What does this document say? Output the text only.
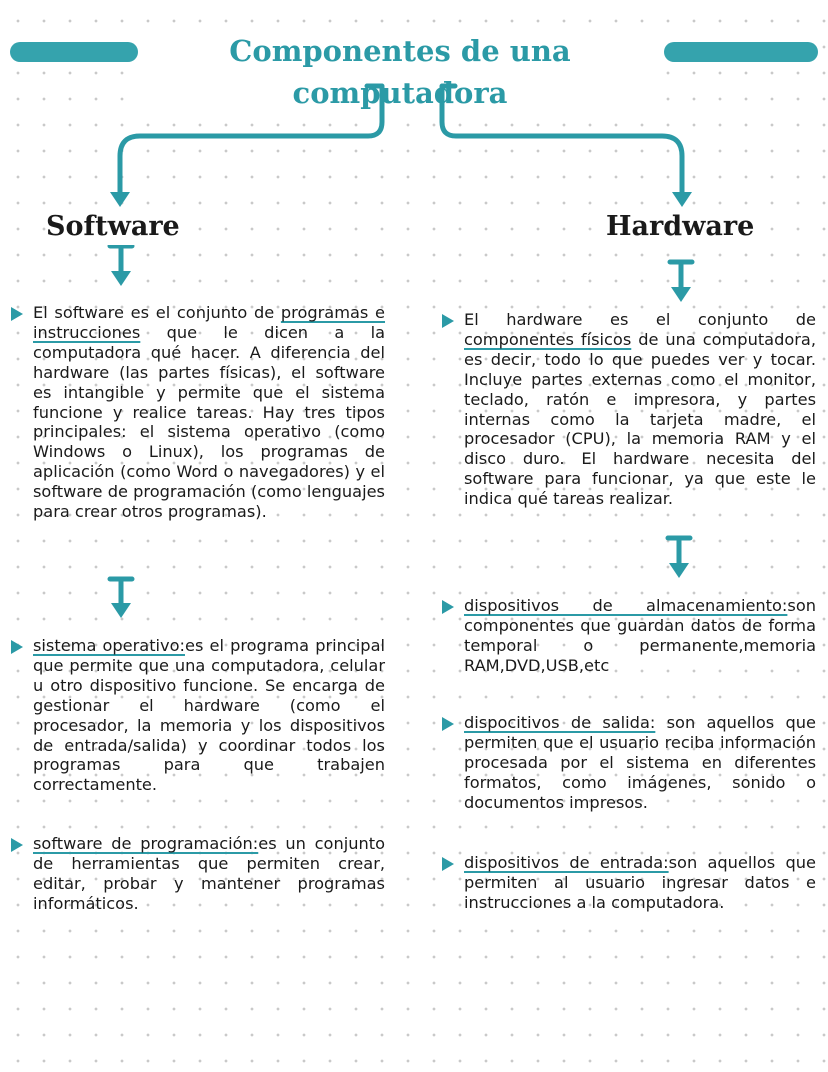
Componentes de una computadora
Software	Hardware

El software es el conjunto de programas e instrucciones que le dicen a la computadora qué hacer. A diferencia del hardware (las partes físicas), el software es intangible y permite que el sistema funcione y realice tareas. Hay tres tipos principales: el sistema operativo (como Windows o Linux), los programas de aplicación (como Word o navegadores) y el software de programación (como lenguajes para crear otros programas).

sistema operativo:es el programa principal que permite que una computadora, celular u otro dispositivo funcione. Se encarga de gestionar el hardware (como el procesador, la memoria y los dispositivos de entrada/salida) y coordinar todos los programas para que trabajen correctamente.

software de programación:es un conjunto de herramientas que permiten crear, editar, probar y mantener programas informáticos.

El hardware es el conjunto de componentes físicos de una computadora, es decir, todo lo que puedes ver y tocar. Incluye partes externas como el monitor, teclado, ratón e impresora, y partes internas como la tarjeta madre, el procesador (CPU), la memoria RAM y el disco duro. El hardware necesita del software para funcionar, ya que este le indica qué tareas realizar.

dispositivos de almacenamiento:son componentes que guardan datos de forma temporal o permanente,memoria RAM,DVD,USB,etc

dispocitivos de salida: son aquellos que permiten que el usuario reciba información procesada por el sistema en diferentes formatos, como imágenes, sonido o documentos impresos.

dispositivos de entrada:son aquellos que permiten al usuario ingresar datos e instrucciones a la computadora.
